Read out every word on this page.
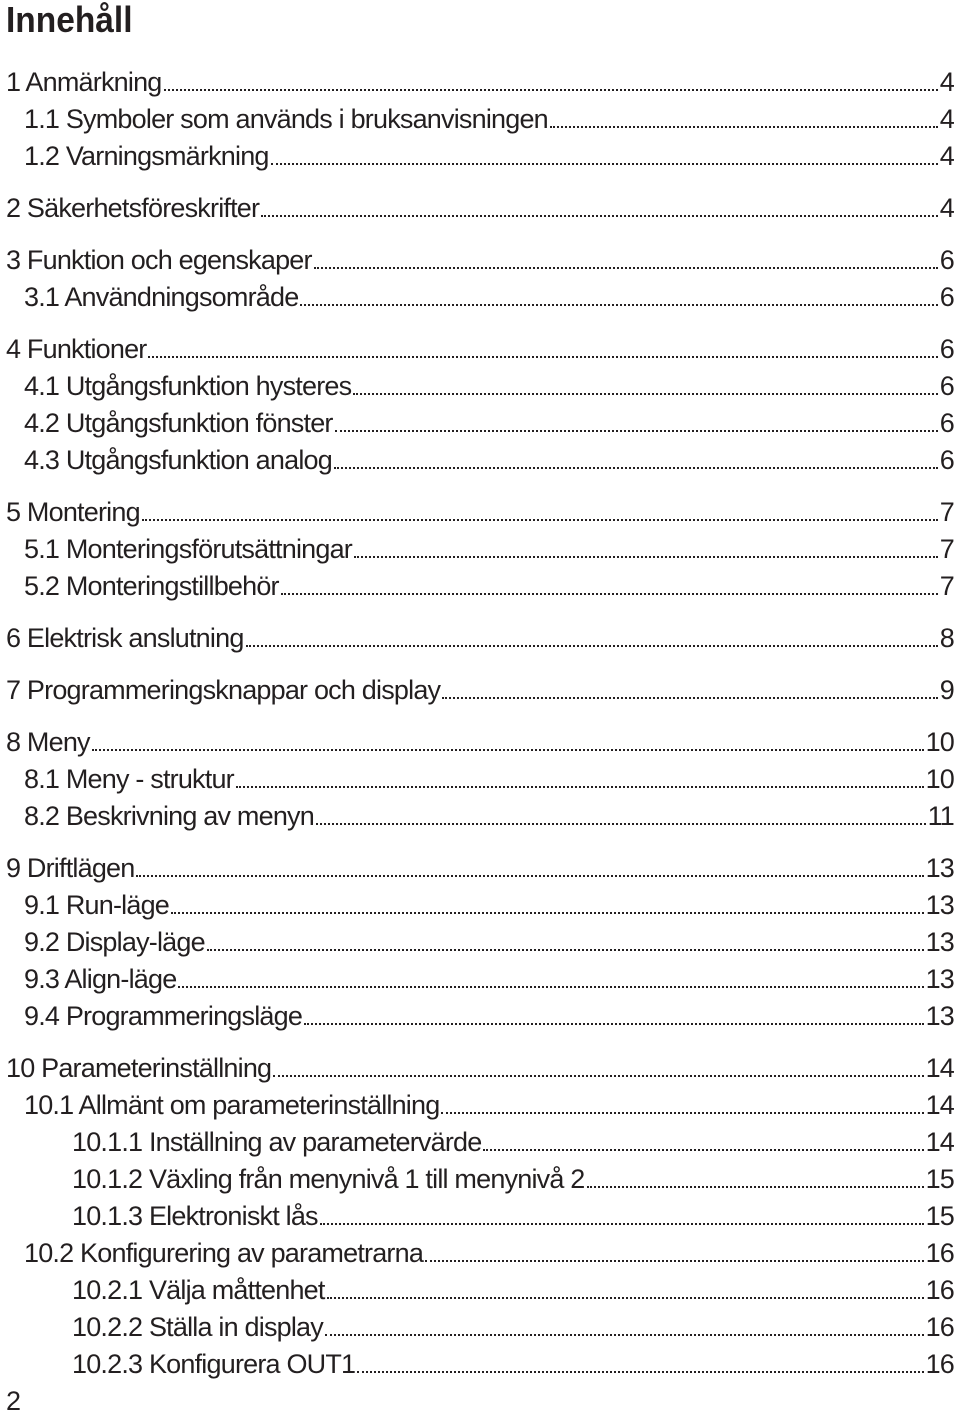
Innehåll
1 Anmärkning	4
1.1 Symboler som används i bruksanvisningen	4
1.2 Varningsmärkning	4
2 Säkerhetsföreskrifter	4
3 Funktion och egenskaper	6
3.1 Användningsområde	6
4 Funktioner	6
4.1 Utgångsfunktion hysteres	6
4.2 Utgångsfunktion fönster	6
4.3 Utgångsfunktion analog	6
5 Montering	7
5.1 Monteringsförutsättningar	7
5.2 Monteringstillbehör	7
6 Elektrisk anslutning	8
7 Programmeringsknappar och display	9
8 Meny	10
8.1 Meny - struktur	10
8.2 Beskrivning av menyn	11
9 Driftlägen	13
9.1 Run-läge	13
9.2 Display-läge	13
9.3 Align-läge	13
9.4 Programmeringsläge	13
10 Parameterinställning	14
10.1 Allmänt om parameterinställning	14
10.1.1 Inställning av parametervärde	14
10.1.2 Växling från menynivå 1 till menynivå 2	15
10.1.3 Elektroniskt lås	15
10.2 Konfigurering av parametrarna	16
10.2.1 Välja måttenhet	16
10.2.2 Ställa in display	16
10.2.3 Konfigurera OUT1	16
2
